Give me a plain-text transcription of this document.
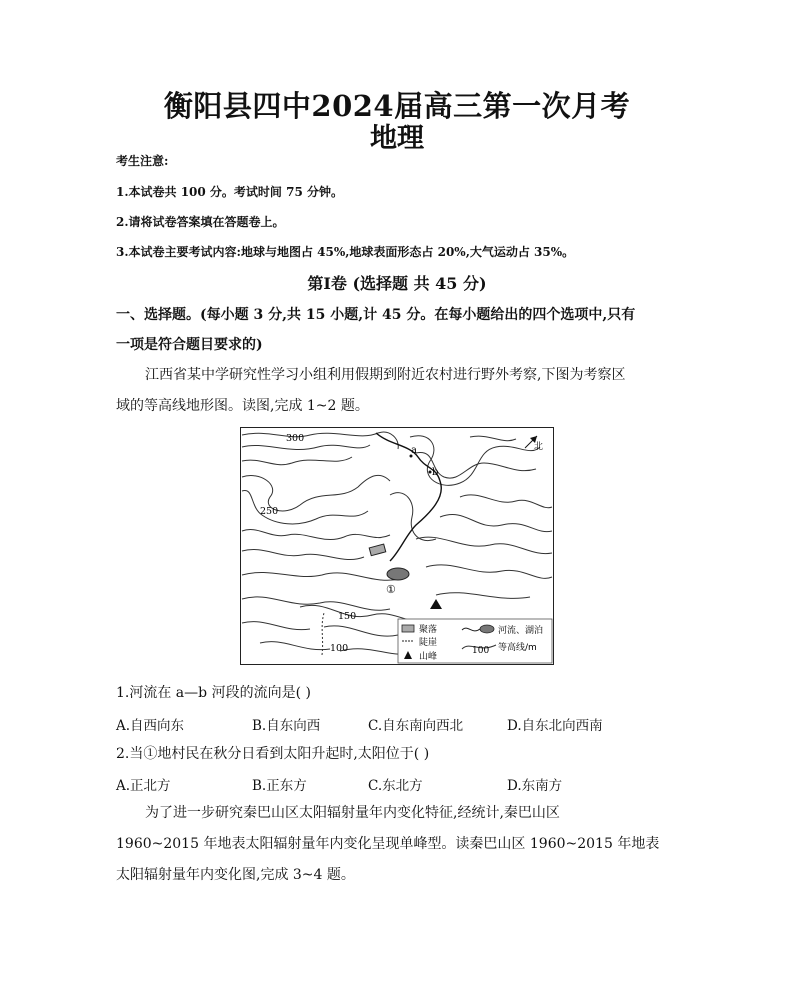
衡阳县四中2024届高三第一次月考
地理
考生注意:
1.本试卷共 100 分。考试时间 75 分钟。
2.请将试卷答案填在答题卷上。
3.本试卷主要考试内容:地球与地图占 45%,地球表面形态占 20%,大气运动占 35%。
第Ⅰ卷 (选择题 共 45 分)
一、选择题。(每小题 3 分,共 15 小题,计 45 分。在每小题给出的四个选项中,只有
一项是符合题目要求的)
江西省某中学研究性学习小组利用假期到附近农村进行野外考察,下图为考察区
域的等高线地形图。读图,完成 1~2 题。
a
b
①
300
250
150
100
北
聚落
陡崖
山峰
河流、湖泊
100 等高线/m
1.河流在 a—b 河段的流向是( )
A.自西向东	B.自东向西	C.自东南向西北	D.自东北向西南
2.当①地村民在秋分日看到太阳升起时,太阳位于( )
A.正北方	B.正东方	C.东北方	D.东南方
为了进一步研究秦巴山区太阳辐射量年内变化特征,经统计,秦巴山区
1960~2015 年地表太阳辐射量年内变化呈现单峰型。读秦巴山区 1960~2015 年地表
太阳辐射量年内变化图,完成 3~4 题。
